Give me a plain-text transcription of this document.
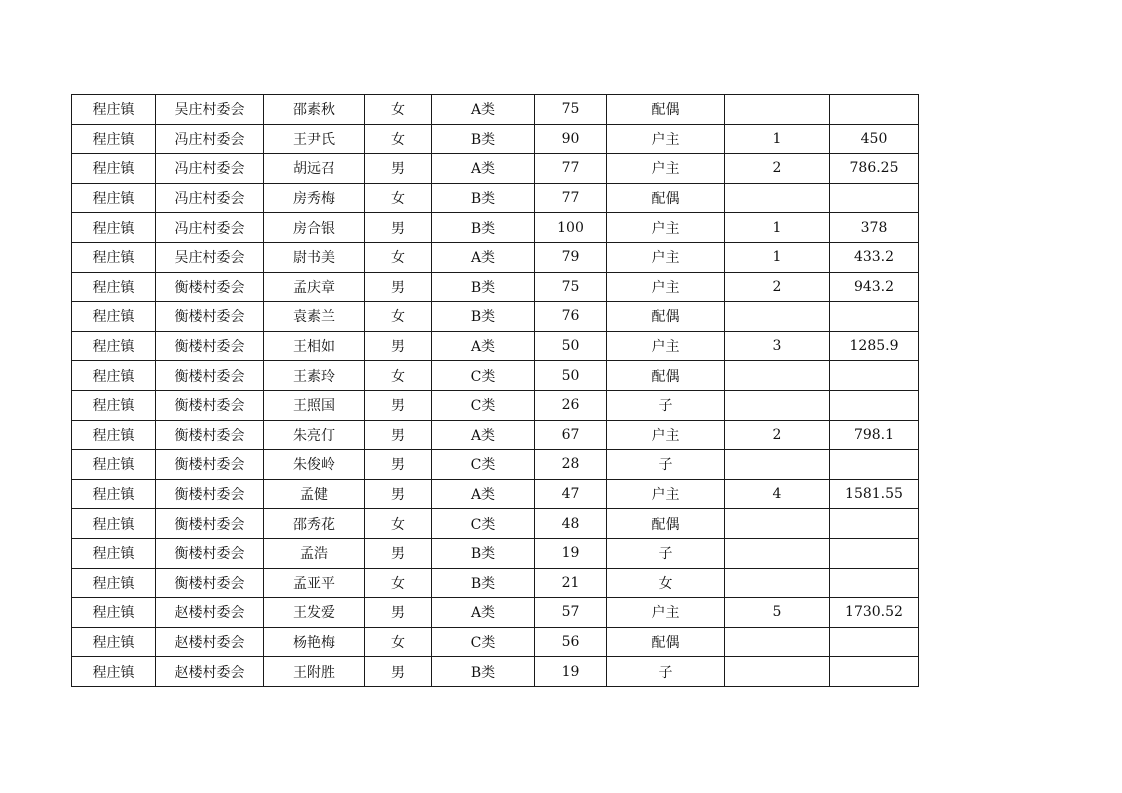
程庄镇	吴庄村委会	邵素秋	女	A类	75	配偶		
程庄镇	冯庄村委会	王尹氏	女	B类	90	户主	1	450
程庄镇	冯庄村委会	胡远召	男	A类	77	户主	2	786.25
程庄镇	冯庄村委会	房秀梅	女	B类	77	配偶		
程庄镇	冯庄村委会	房合银	男	B类	100	户主	1	378
程庄镇	吴庄村委会	尉书美	女	A类	79	户主	1	433.2
程庄镇	衡楼村委会	孟庆章	男	B类	75	户主	2	943.2
程庄镇	衡楼村委会	袁素兰	女	B类	76	配偶		
程庄镇	衡楼村委会	王相如	男	A类	50	户主	3	1285.9
程庄镇	衡楼村委会	王素玲	女	C类	50	配偶		
程庄镇	衡楼村委会	王照国	男	C类	26	子		
程庄镇	衡楼村委会	朱亮仃	男	A类	67	户主	2	798.1
程庄镇	衡楼村委会	朱俊岭	男	C类	28	子		
程庄镇	衡楼村委会	孟健	男	A类	47	户主	4	1581.55
程庄镇	衡楼村委会	邵秀花	女	C类	48	配偶		
程庄镇	衡楼村委会	孟浩	男	B类	19	子		
程庄镇	衡楼村委会	孟亚平	女	B类	21	女		
程庄镇	赵楼村委会	王发爱	男	A类	57	户主	5	1730.52
程庄镇	赵楼村委会	杨艳梅	女	C类	56	配偶		
程庄镇	赵楼村委会	王附胜	男	B类	19	子		
